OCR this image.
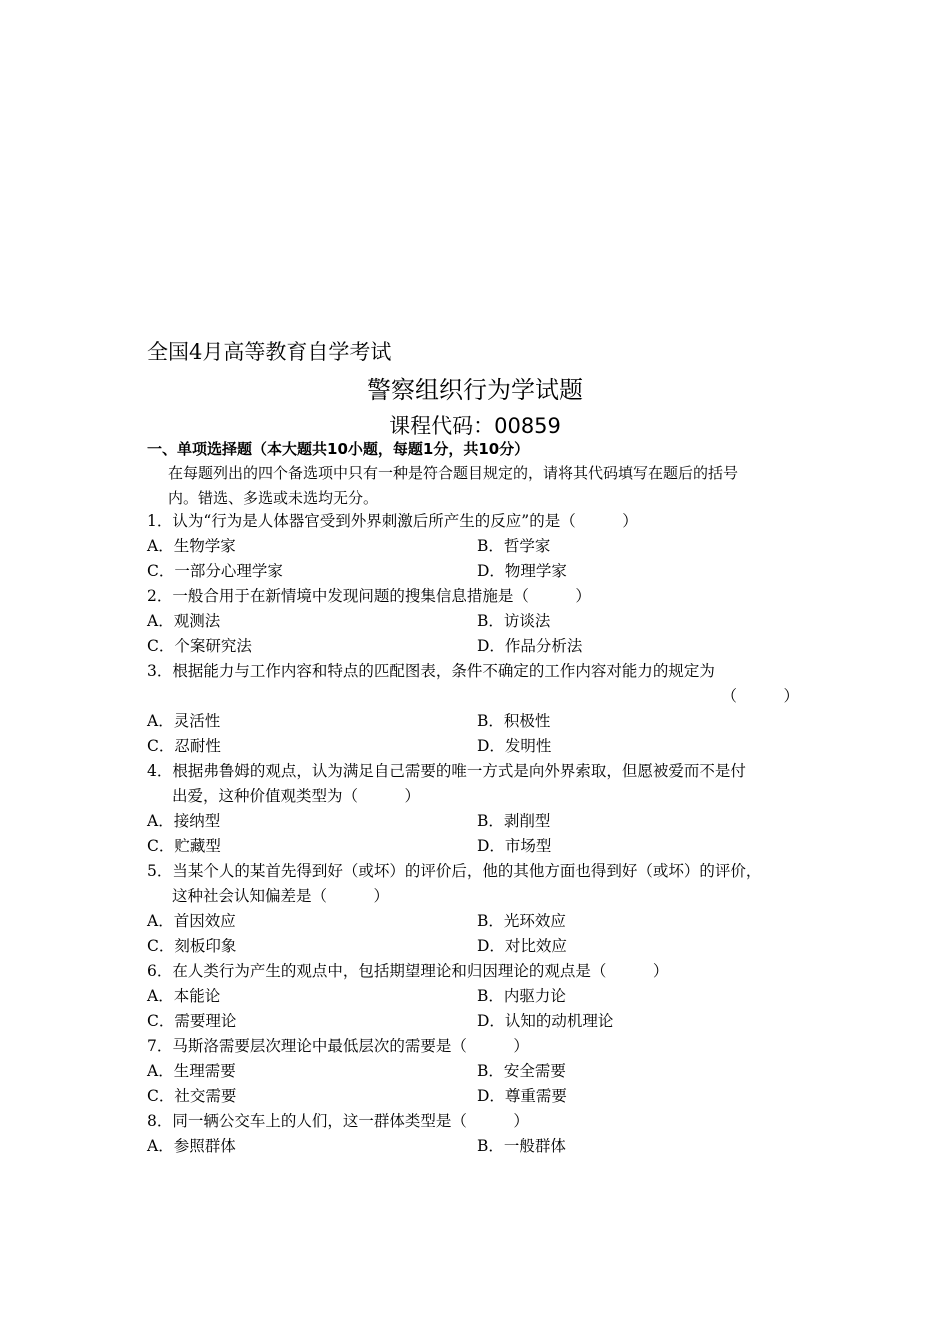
全国4月高等教育自学考试
警察组织行为学试题
课程代码：00859
一、单项选择题（本大题共10小题，每题1分，共10分）
在每题列出的四个备选项中只有一种是符合题目规定的，请将其代码填写在题后的括号
内。错选、多选或未选均无分。
1．认为“行为是人体器官受到外界刺激后所产生的反应”的是（　　　）
A．生物学家	B．哲学家
C．一部分心理学家	D．物理学家
2．一般合用于在新情境中发现问题的搜集信息措施是（　　　）
A．观测法	B．访谈法
C．个案研究法	D．作品分析法
3．根据能力与工作内容和特点的匹配图表，条件不确定的工作内容对能力的规定为
（　　　）
A．灵活性	B．积极性
C．忍耐性	D．发明性
4．根据弗鲁姆的观点，认为满足自己需要的唯一方式是向外界索取，但愿被爱而不是付
出爱，这种价值观类型为（　　　）
A．接纳型	B．剥削型
C．贮藏型	D．市场型
5．当某个人的某首先得到好（或坏）的评价后，他的其他方面也得到好（或坏）的评价，
这种社会认知偏差是（　　　）
A．首因效应	B．光环效应
C．刻板印象	D．对比效应
6．在人类行为产生的观点中，包括期望理论和归因理论的观点是（　　　）
A．本能论	B．内驱力论
C．需要理论	D．认知的动机理论
7．马斯洛需要层次理论中最低层次的需要是（　　　）
A．生理需要	B．安全需要
C．社交需要	D．尊重需要
8．同一辆公交车上的人们，这一群体类型是（　　　）
A．参照群体	B．一般群体
